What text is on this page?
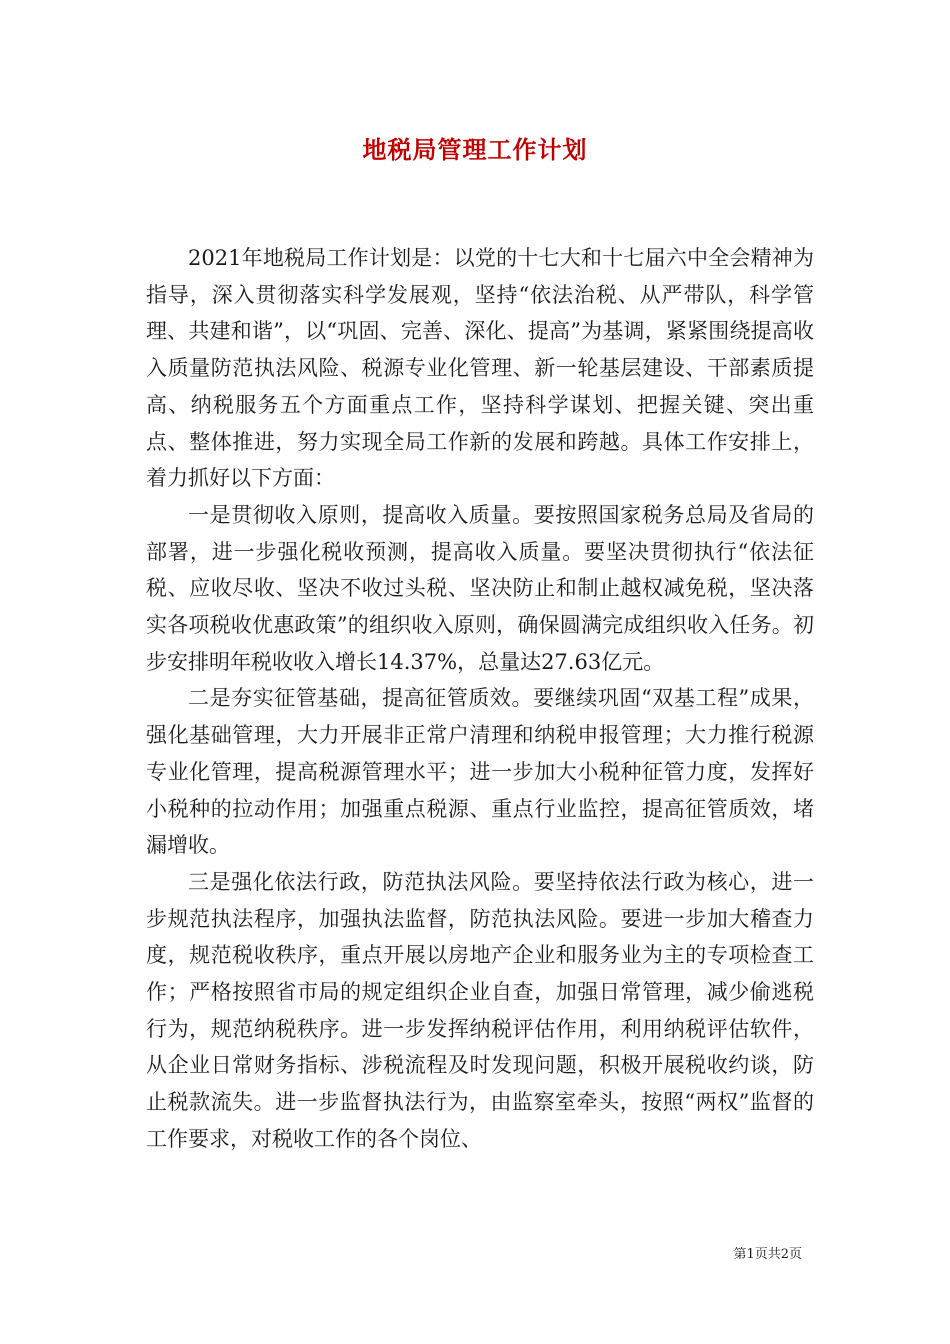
地税局管理工作计划

2021年地税局工作计划是：以党的十七大和十七届六中全会精神为指导，深入贯彻落实科学发展观，坚持“依法治税、从严带队，科学管理、共建和谐”，以“巩固、完善、深化、提高”为基调，紧紧围绕提高收入质量防范执法风险、税源专业化管理、新一轮基层建设、干部素质提高、纳税服务五个方面重点工作，坚持科学谋划、把握关键、突出重点、整体推进，努力实现全局工作新的发展和跨越。具体工作安排上，着力抓好以下方面：

一是贯彻收入原则，提高收入质量。要按照国家税务总局及省局的部署，进一步强化税收预测，提高收入质量。要坚决贯彻执行“依法征税、应收尽收、坚决不收过头税、坚决防止和制止越权减免税，坚决落实各项税收优惠政策”的组织收入原则，确保圆满完成组织收入任务。初步安排明年税收收入增长14.37%，总量达27.63亿元。

二是夯实征管基础，提高征管质效。要继续巩固“双基工程”成果，强化基础管理，大力开展非正常户清理和纳税申报管理；大力推行税源专业化管理，提高税源管理水平；进一步加大小税种征管力度，发挥好小税种的拉动作用；加强重点税源、重点行业监控，提高征管质效，堵漏增收。

三是强化依法行政，防范执法风险。要坚持依法行政为核心，进一步规范执法程序，加强执法监督，防范执法风险。要进一步加大稽查力度，规范税收秩序，重点开展以房地产企业和服务业为主的专项检查工作；严格按照省市局的规定组织企业自查，加强日常管理，减少偷逃税行为，规范纳税秩序。进一步发挥纳税评估作用，利用纳税评估软件，从企业日常财务指标、涉税流程及时发现问题，积极开展税收约谈，防止税款流失。进一步监督执法行为，由监察室牵头，按照“两权”监督的工作要求，对税收工作的各个岗位、

第1页共2页
